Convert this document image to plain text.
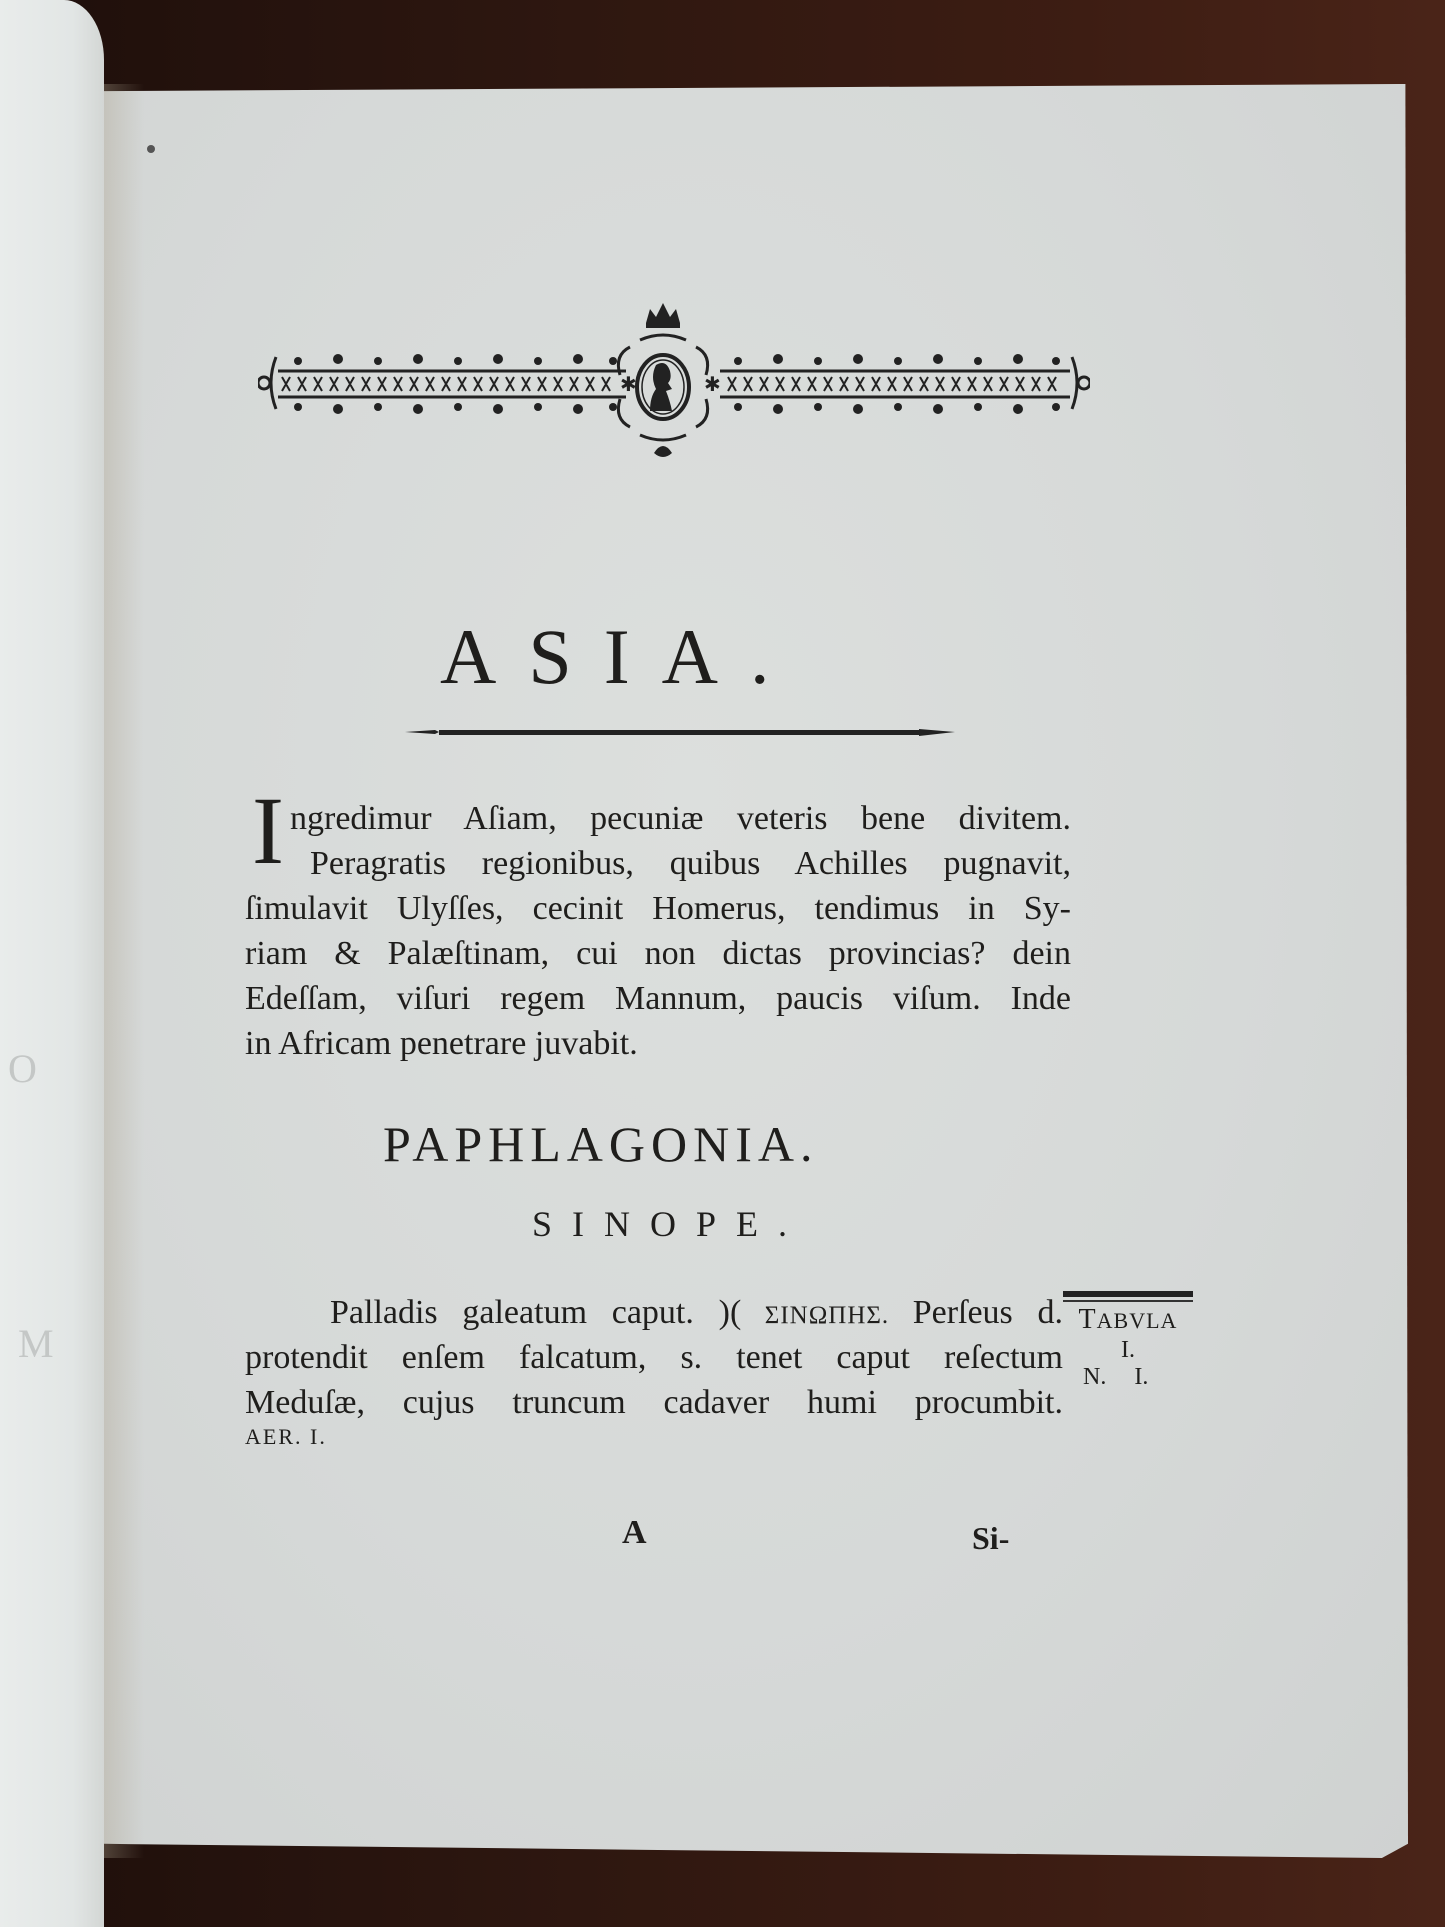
O
M
✱	✱
ASIA.
I ngredimur Aſiam, pecuniæ veteris bene divitem.
Peragratis regionibus, quibus Achilles pugnavit,
ſimulavit Ulyſſes, cecinit Homerus, tendimus in Sy-
riam & Palæſtinam, cui non dictas provincias? dein
Edeſſam, viſuri regem Mannum, paucis viſum. Inde
in Africam penetrare juvabit.
PAPHLAGONIA.
SINOPE.
Palladis galeatum caput. )( ΣΙΝΩΠΗΣ. Perſeus d.
protendit enſem falcatum, s. tenet caput reſectum
Meduſæ, cujus truncum cadaver humi procumbit.
AER. I.
TABVLA
I.
N. I.
A	Si-
